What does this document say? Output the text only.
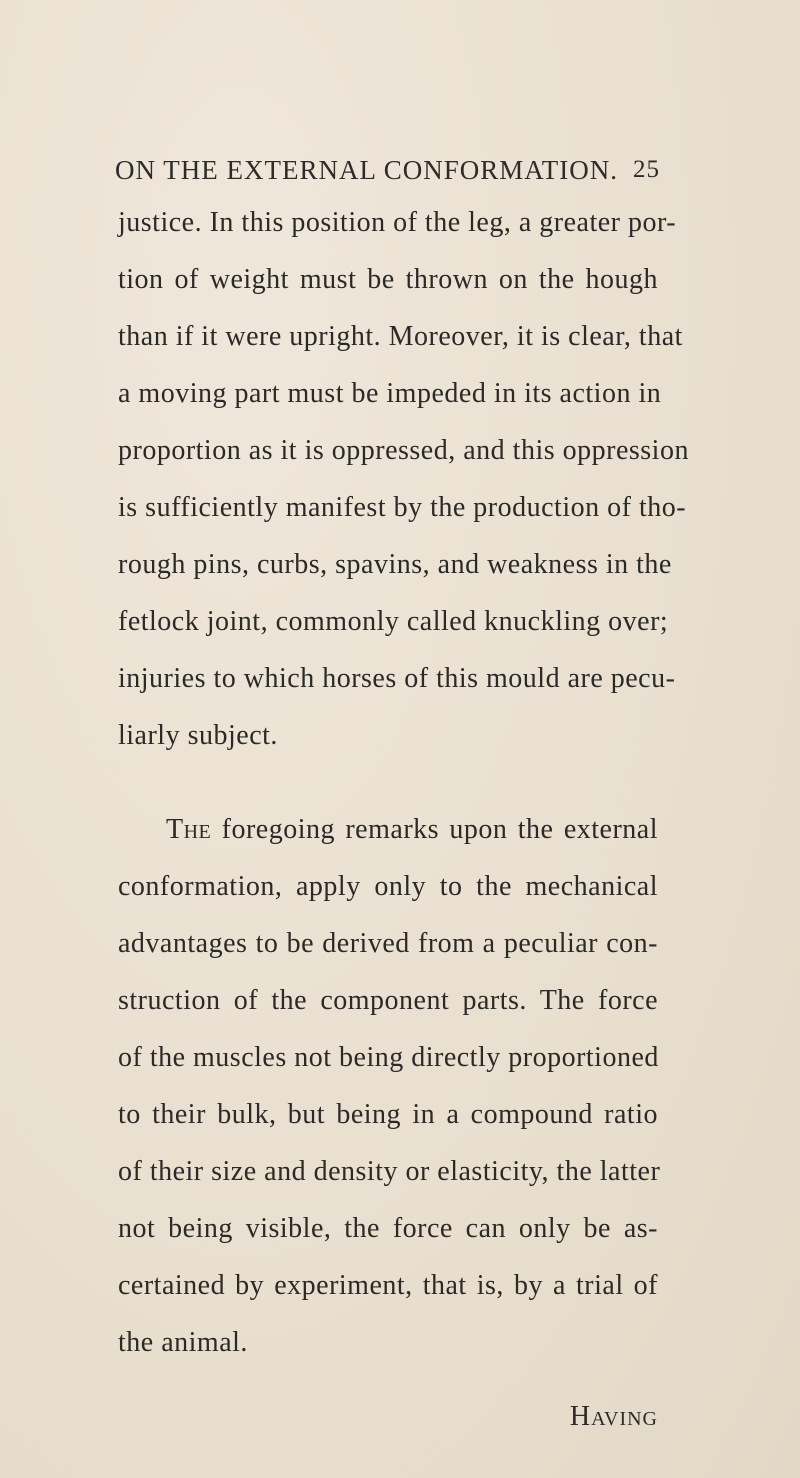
ON THE EXTERNAL CONFORMATION. 25
justice. In this position of the leg, a greater por-
tion of weight must be thrown on the hough
than if it were upright. Moreover, it is clear, that
a moving part must be impeded in its action in
proportion as it is oppressed, and this oppression
is sufficiently manifest by the production of tho-
rough pins, curbs, spavins, and weakness in the
fetlock joint, commonly called knuckling over;
injuries to which horses of this mould are pecu-
liarly subject.
The foregoing remarks upon the external
conformation, apply only to the mechanical
advantages to be derived from a peculiar con-
struction of the component parts. The force
of the muscles not being directly proportioned
to their bulk, but being in a compound ratio
of their size and density or elasticity, the latter
not being visible, the force can only be as-
certained by experiment, that is, by a trial of
the animal.
Having
